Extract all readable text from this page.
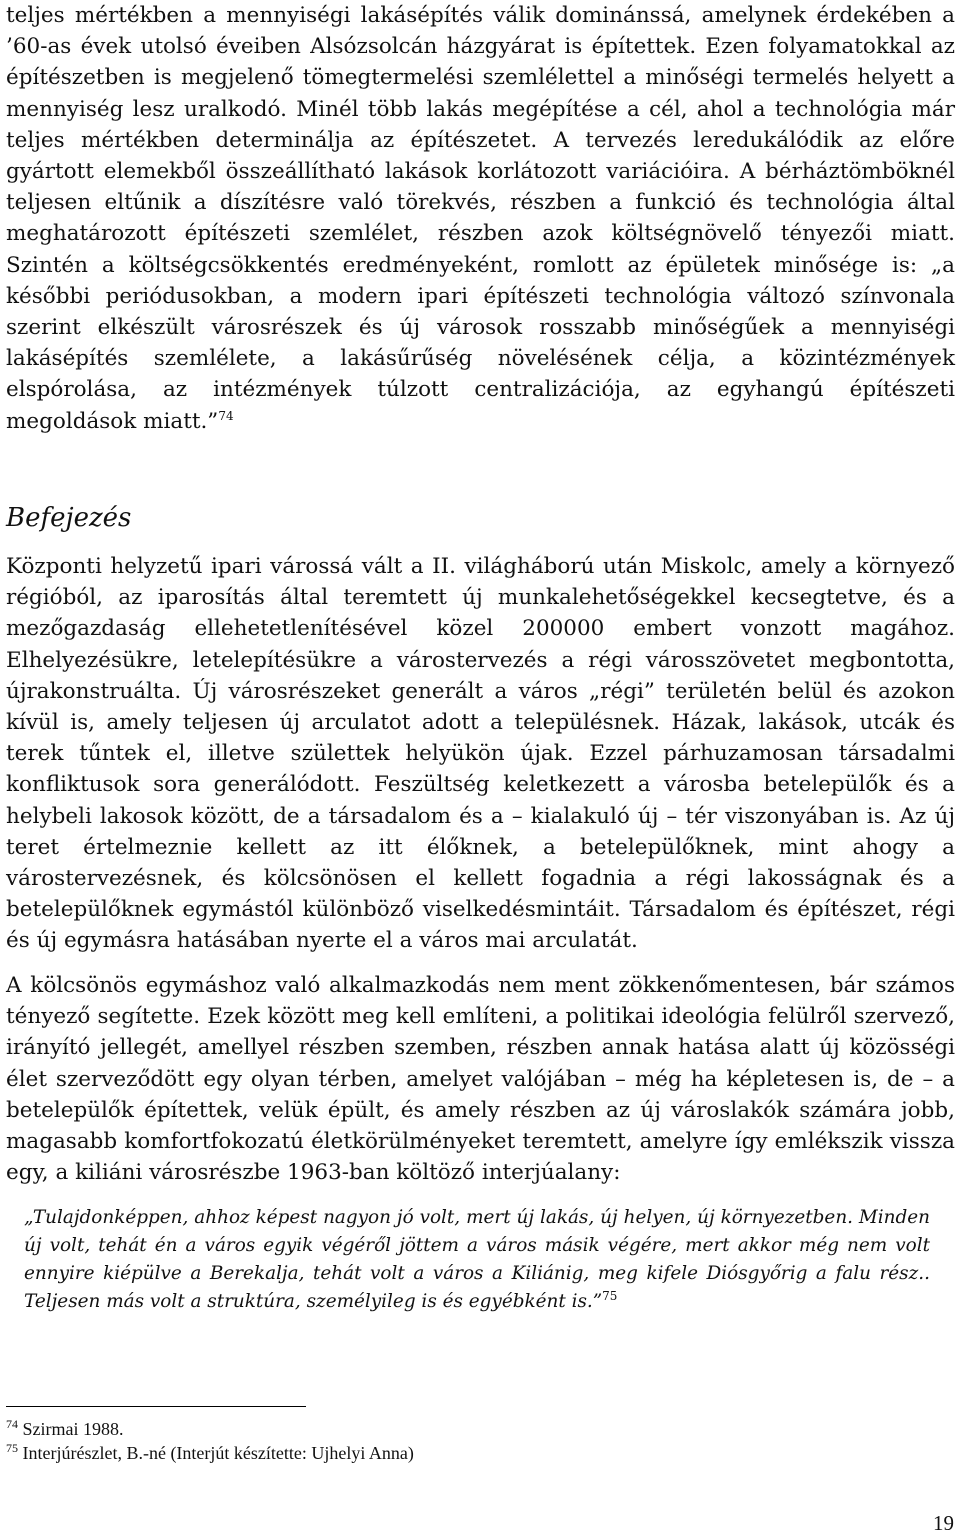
teljes mértékben a mennyiségi lakásépítés válik dominánssá, amelynek érdekében a ’60-as évek utolsó éveiben Alsózsolcán házgyárat is építettek. Ezen folyamatokkal az építészetben is megjelenő tömegtermelési szemlélettel a minőségi termelés helyett a mennyiség lesz uralkodó. Minél több lakás megépítése a cél, ahol a technológia már teljes mértékben determinálja az építészetet. A tervezés leredukálódik az előre gyártott elemekből összeállítható lakások korlátozott variációira. A bérháztömböknél teljesen eltűnik a díszítésre való törekvés, részben a funkció és technológia által meghatározott építészeti szemlélet, részben azok költségnövelő tényezői miatt. Szintén a költségcsökkentés eredményeként, romlott az épületek minősége is: „a későbbi periódusokban, a modern ipari építészeti technológia változó színvonala szerint elkészült városrészek és új városok rosszabb minőségűek a mennyiségi lakásépítés szemlélete, a lakásűrűség növelésének célja, a közintézmények elspórolása, az intézmények túlzott centralizációja, az egyhangú építészeti megoldások miatt.”$^{74}$

Befejezés

Központi helyzetű ipari várossá vált a II. világháború után Miskolc, amely a környező régióból, az iparosítás által teremtett új munkalehetőségekkel kecsegtetve, és a mezőgazdaság ellehetetlenítésével közel 200000 embert vonzott magához. Elhelyezésükre, letelepítésükre a várostervezés a régi városszövetet megbontotta, újrakonstruálta. Új városrészeket generált a város „régi” területén belül és azokon kívül is, amely teljesen új arculatot adott a településnek. Házak, lakások, utcák és terek tűntek el, illetve születtek helyükön újak. Ezzel párhuzamosan társadalmi konfliktusok sora generálódott. Feszültség keletkezett a városba betelepülők és a helybeli lakosok között, de a társadalom és a – kialakuló új – tér viszonyában is. Az új teret értelmeznie kellett az itt élőknek, a betelepülőknek, mint ahogy a várostervezésnek, és kölcsönösen el kellett fogadnia a régi lakosságnak és a betelepülőknek egymástól különböző viselkedésmintáit. Társadalom és építészet, régi és új egymásra hatásában nyerte el a város mai arculatát.

A kölcsönös egymáshoz való alkalmazkodás nem ment zökkenőmentesen, bár számos tényező segítette. Ezek között meg kell említeni, a politikai ideológia felülről szervező, irányító jellegét, amellyel részben szemben, részben annak hatása alatt új közösségi élet szerveződött egy olyan térben, amelyet valójában – még ha képletesen is, de – a betelepülők építettek, velük épült, és amely részben az új városlakók számára jobb, magasabb komfortfokozatú életkörülményeket teremtett, amelyre így emlékszik vissza egy, a kiliáni városrészbe 1963-ban költöző interjúalany:

„Tulajdonképpen, ahhoz képest nagyon jó volt, mert új lakás, új helyen, új környezetben. Minden új volt, tehát én a város egyik végéről jöttem a város másik végére, mert akkor még nem volt ennyire kiépülve a Berekalja, tehát volt a város a Kiliánig, meg kifele Diósgyőrig a falu rész.. Teljesen más volt a struktúra, személyileg is és egyébként is.”$^{75}$

$^{74}$ Szirmai 1988.

$^{75}$ Interjúrészlet, B.-né (Interjút készítette: Ujhelyi Anna)

19
